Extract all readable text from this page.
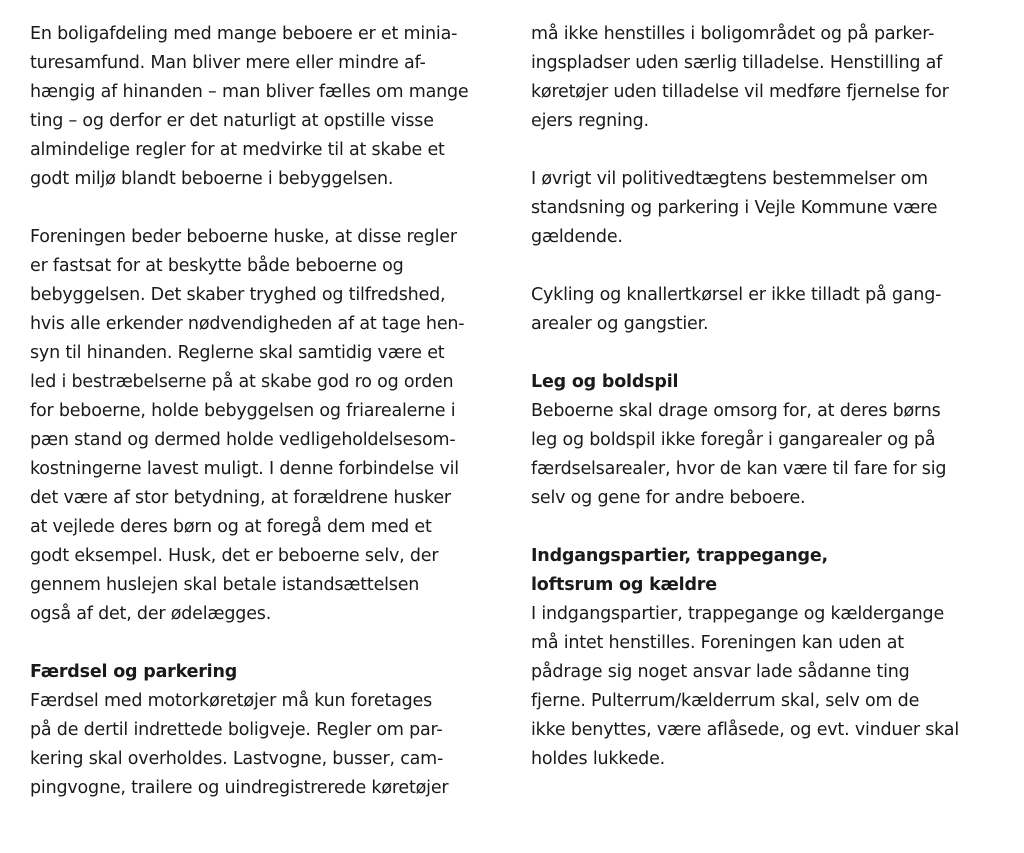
En boligafdeling med mange beboere er et minia-
turesamfund. Man bliver mere eller mindre af-
hængig af hinanden – man bliver fælles om mange
ting – og derfor er det naturligt at opstille visse
almindelige regler for at medvirke til at skabe et
godt miljø blandt beboerne i bebyggelsen.
Foreningen beder beboerne huske, at disse regler
er fastsat for at beskytte både beboerne og
bebyggelsen. Det skaber tryghed og tilfredshed,
hvis alle erkender nødvendigheden af at tage hen-
syn til hinanden. Reglerne skal samtidig være et
led i bestræbelserne på at skabe god ro og orden
for beboerne, holde bebyggelsen og friarealerne i
pæn stand og dermed holde vedligeholdelsesom-
kostningerne lavest muligt. I denne forbindelse vil
det være af stor betydning, at forældrene husker
at vejlede deres børn og at foregå dem med et
godt eksempel. Husk, det er beboerne selv, der
gennem huslejen skal betale istandsættelsen
også af det, der ødelægges.
Færdsel og parkering
Færdsel med motorkøretøjer må kun foretages
på de dertil indrettede boligveje. Regler om par-
kering skal overholdes. Lastvogne, busser, cam-
pingvogne, trailere og uindregistrerede køretøjer
må ikke henstilles i boligområdet og på parker-
ingspladser uden særlig tilladelse. Henstilling af
køretøjer uden tilladelse vil medføre fjernelse for
ejers regning.
I øvrigt vil politivedtægtens bestemmelser om
standsning og parkering i Vejle Kommune være
gældende.
Cykling og knallertkørsel er ikke tilladt på gang-
arealer og gangstier.
Leg og boldspil
Beboerne skal drage omsorg for, at deres børns
leg og boldspil ikke foregår i gangarealer og på
færdselsarealer, hvor de kan være til fare for sig
selv og gene for andre beboere.
Indgangspartier, trappegange,
loftsrum og kældre
I indgangspartier, trappegange og kældergange
må intet henstilles. Foreningen kan uden at
pådrage sig noget ansvar lade sådanne ting
fjerne. Pulterrum/kælderrum skal, selv om de
ikke benyttes, være aflåsede, og evt. vinduer skal
holdes lukkede.
